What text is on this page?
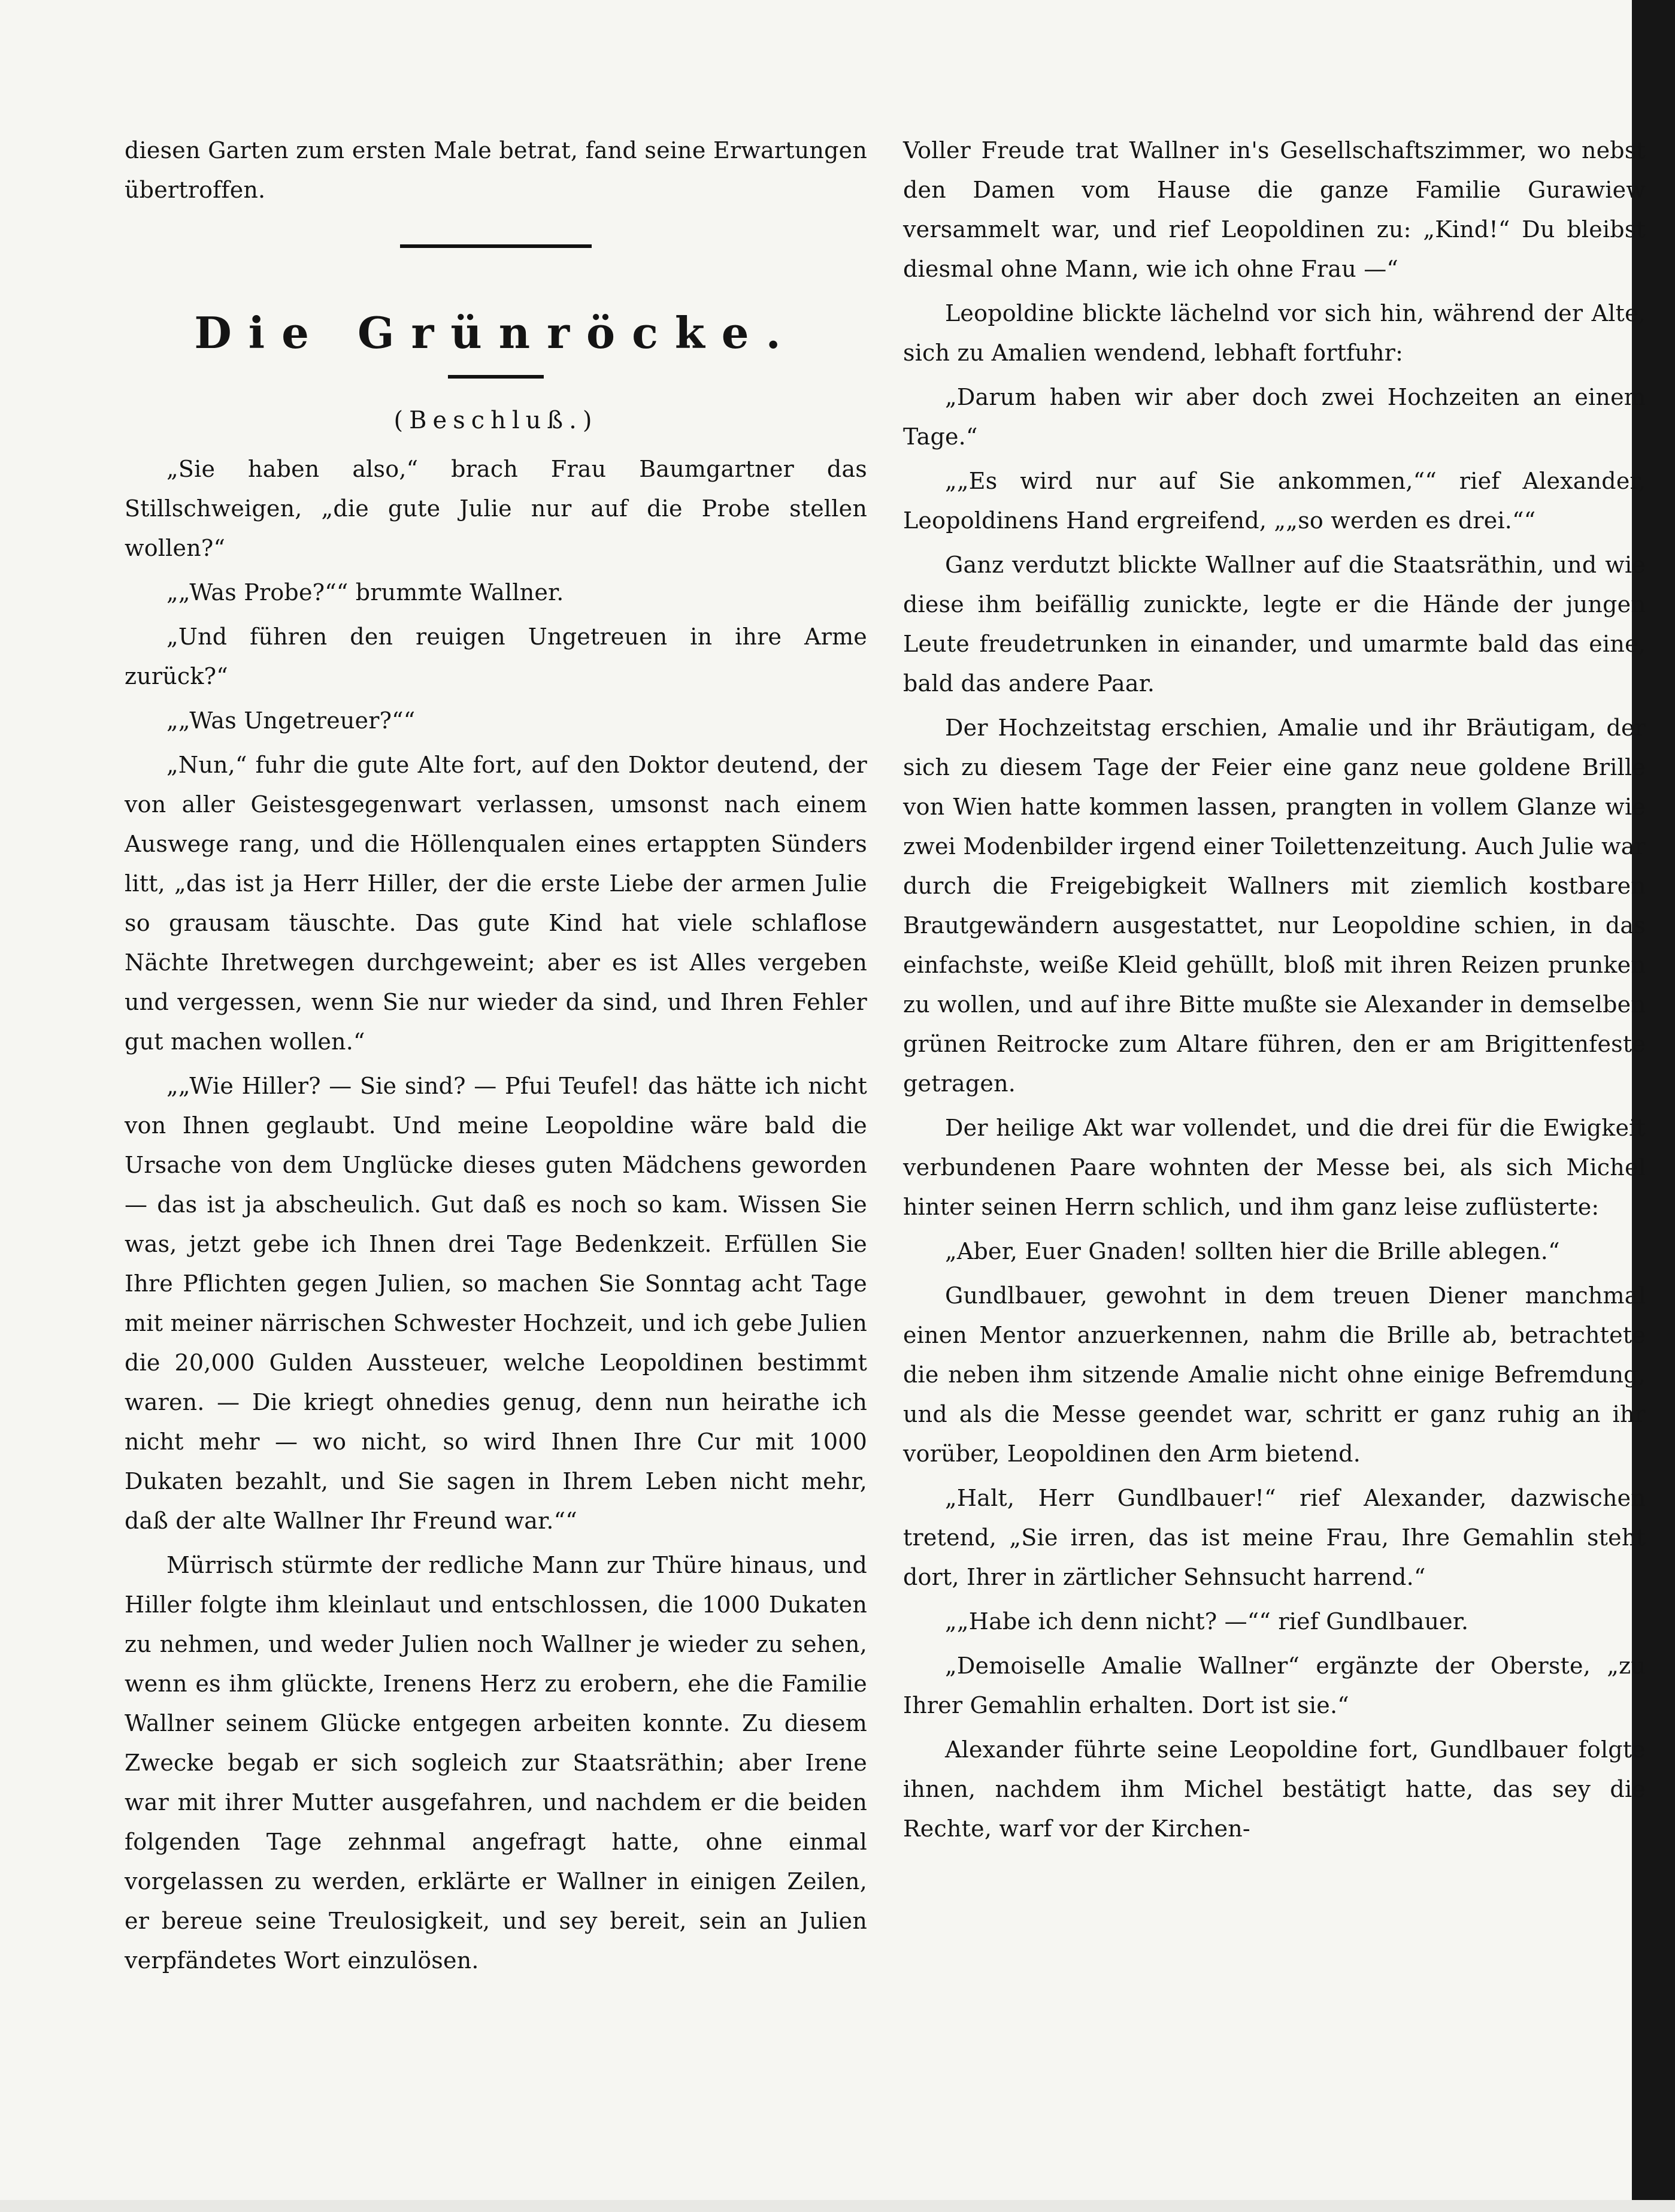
diesen Garten zum ersten Male betrat, fand seine Erwartungen übertroffen.

Die Grünröcke.
(Beschluß.)

„Sie haben also,“ brach Frau Baumgartner das Stillschweigen, „die gute Julie nur auf die Probe stellen wollen?“

„„Was Probe?““ brummte Wallner.

„Und führen den reuigen Ungetreuen in ihre Arme zurück?“

„„Was Ungetreuer?““

„Nun,“ fuhr die gute Alte fort, auf den Doktor deutend, der von aller Geistesgegenwart verlassen, umsonst nach einem Auswege rang, und die Höllenqualen eines ertappten Sünders litt, „das ist ja Herr Hiller, der die erste Liebe der armen Julie so grausam täuschte. Das gute Kind hat viele schlaflose Nächte Ihretwegen durchgeweint; aber es ist Alles vergeben und vergessen, wenn Sie nur wieder da sind, und Ihren Fehler gut machen wollen.“

„„Wie Hiller? — Sie sind? — Pfui Teufel! das hätte ich nicht von Ihnen geglaubt. Und meine Leopoldine wäre bald die Ursache von dem Unglücke dieses guten Mädchens geworden — das ist ja abscheulich. Gut daß es noch so kam. Wissen Sie was, jetzt gebe ich Ihnen drei Tage Bedenkzeit. Erfüllen Sie Ihre Pflichten gegen Julien, so machen Sie Sonntag acht Tage mit meiner närrischen Schwester Hochzeit, und ich gebe Julien die 20,000 Gulden Aussteuer, welche Leopoldinen bestimmt waren. — Die kriegt ohnedies genug, denn nun heirathe ich nicht mehr — wo nicht, so wird Ihnen Ihre Cur mit 1000 Dukaten bezahlt, und Sie sagen in Ihrem Leben nicht mehr, daß der alte Wallner Ihr Freund war.““

Mürrisch stürmte der redliche Mann zur Thüre hinaus, und Hiller folgte ihm kleinlaut und entschlossen, die 1000 Dukaten zu nehmen, und weder Julien noch Wallner je wieder zu sehen, wenn es ihm glückte, Irenens Herz zu erobern, ehe die Familie Wallner seinem Glücke entgegen arbeiten konnte. Zu diesem Zwecke begab er sich sogleich zur Staatsräthin; aber Irene war mit ihrer Mutter ausgefahren, und nachdem er die beiden folgenden Tage zehnmal angefragt hatte, ohne einmal vorgelassen zu werden, erklärte er Wallner in einigen Zeilen, er bereue seine Treulosigkeit, und sey bereit, sein an Julien verpfändetes Wort einzulösen.

Voller Freude trat Wallner in's Gesellschaftszimmer, wo nebst den Damen vom Hause die ganze Familie Gurawiew versammelt war, und rief Leopoldinen zu: „Kind!“ Du bleibst diesmal ohne Mann, wie ich ohne Frau —“

Leopoldine blickte lächelnd vor sich hin, während der Alte, sich zu Amalien wendend, lebhaft fortfuhr:

„Darum haben wir aber doch zwei Hochzeiten an einem Tage.“

„„Es wird nur auf Sie ankommen,““ rief Alexander, Leopoldinens Hand ergreifend, „„so werden es drei.““

Ganz verdutzt blickte Wallner auf die Staatsräthin, und wie diese ihm beifällig zunickte, legte er die Hände der jungen Leute freudetrunken in einander, und umarmte bald das eine, bald das andere Paar.

Der Hochzeitstag erschien, Amalie und ihr Bräutigam, der sich zu diesem Tage der Feier eine ganz neue goldene Brille von Wien hatte kommen lassen, prangten in vollem Glanze wie zwei Modenbilder irgend einer Toilettenzeitung. Auch Julie war durch die Freigebigkeit Wallners mit ziemlich kostbaren Brautgewändern ausgestattet, nur Leopoldine schien, in das einfachste, weiße Kleid gehüllt, bloß mit ihren Reizen prunken zu wollen, und auf ihre Bitte mußte sie Alexander in demselben grünen Reitrocke zum Altare führen, den er am Brigittenfeste getragen.

Der heilige Akt war vollendet, und die drei für die Ewigkeit verbundenen Paare wohnten der Messe bei, als sich Michel hinter seinen Herrn schlich, und ihm ganz leise zuflüsterte:

„Aber, Euer Gnaden! sollten hier die Brille ablegen.“

Gundlbauer, gewohnt in dem treuen Diener manchmal einen Mentor anzuerkennen, nahm die Brille ab, betrachtete die neben ihm sitzende Amalie nicht ohne einige Befremdung, und als die Messe geendet war, schritt er ganz ruhig an ihr vorüber, Leopoldinen den Arm bietend.

„Halt, Herr Gundlbauer!“ rief Alexander, dazwischen tretend, „Sie irren, das ist meine Frau, Ihre Gemahlin steht dort, Ihrer in zärtlicher Sehnsucht harrend.“

„„Habe ich denn nicht? —““ rief Gundlbauer.

„Demoiselle Amalie Wallner“ ergänzte der Oberste, „zu Ihrer Gemahlin erhalten. Dort ist sie.“

Alexander führte seine Leopoldine fort, Gundlbauer folgte ihnen, nachdem ihm Michel bestätigt hatte, das sey die Rechte, warf vor der Kirchen-
